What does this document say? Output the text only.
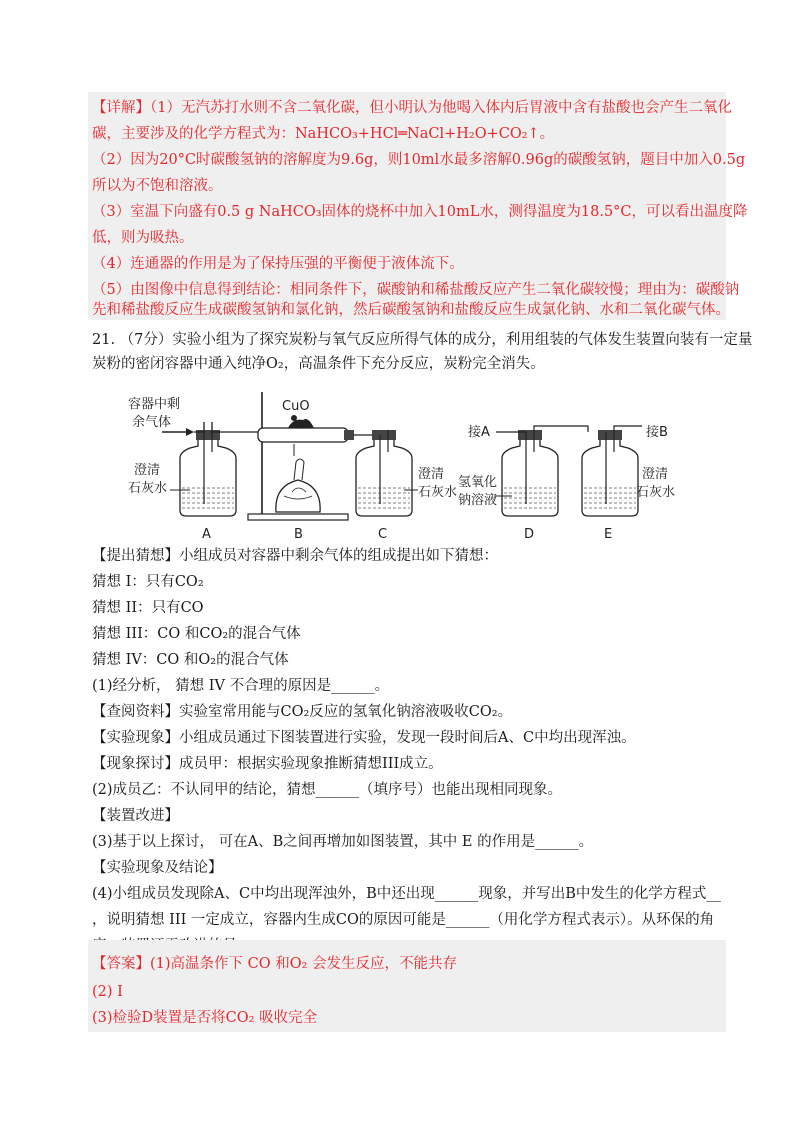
【详解】（1）无汽苏打水则不含二氧化碳，但小明认为他喝入体内后胃液中含有盐酸也会产生二氧化
碳，主要涉及的化学方程式为：NaHCO₃+HCl═NaCl+H₂O+CO₂↑。
（2）因为20°C时碳酸氢钠的溶解度为9.6g，则10ml水最多溶解0.96g的碳酸氢钠，题目中加入0.5g
所以为不饱和溶液。
（3）室温下向盛有0.5 g NaHCO₃固体的烧杯中加入10mL水，测得温度为18.5°C，可以看出温度降
低，则为吸热。
（4）连通器的作用是为了保持压强的平衡便于液体流下。
（5）由图像中信息得到结论：相同条件下，碳酸钠和稀盐酸反应产生二氧化碳较慢；理由为：碳酸钠
先和稀盐酸反应生成碳酸氢钠和氯化钠，然后碳酸氢钠和盐酸反应生成氯化钠、水和二氧化碳气体。
21. （7分）实验小组为了探究炭粉与氧气反应所得气体的成分，利用组装的气体发生装置向装有一定量
炭粉的密闭容器中通入纯净O₂，高温条件下充分反应，炭粉完全消失。
容器中剩
余气体
澄清
石灰水
CuO
澄清
石灰水
接A
氢氧化
钠溶液
接B
澄清
石灰水
A	B	C	D	E
【提出猜想】小组成员对容器中剩余气体的组成提出如下猜想：
猜想 I：只有CO₂
猜想 II：只有CO
猜想 III：CO 和CO₂的混合气体
猜想 IV：CO 和O₂的混合气体
(1)经分析， 猜想 IV 不合理的原因是______。
【查阅资料】实验室常用能与CO₂反应的氢氧化钠溶液吸收CO₂。
【实验现象】小组成员通过下图装置进行实验，发现一段时间后A、C中均出现浑浊。
【现象探讨】成员甲：根据实验现象推断猜想III成立。
(2)成员乙：不认同甲的结论，猜想______（填序号）也能出现相同现象。
【装置改进】
(3)基于以上探讨， 可在A、B之间再增加如图装置，其中 E 的作用是______。
【实验现象及结论】
(4)小组成员发现除A、C中均出现浑浊外，B中还出现______现象，并写出B中发生的化学方程式__
，说明猜想 III 一定成立，容器内生成CO的原因可能是______（用化学方程式表示）。从环保的角
【答案】(1)高温条作下 CO 和O₂ 会发生反应，不能共存
(2) I
(3)检验D装置是否将CO₂ 吸收完全
